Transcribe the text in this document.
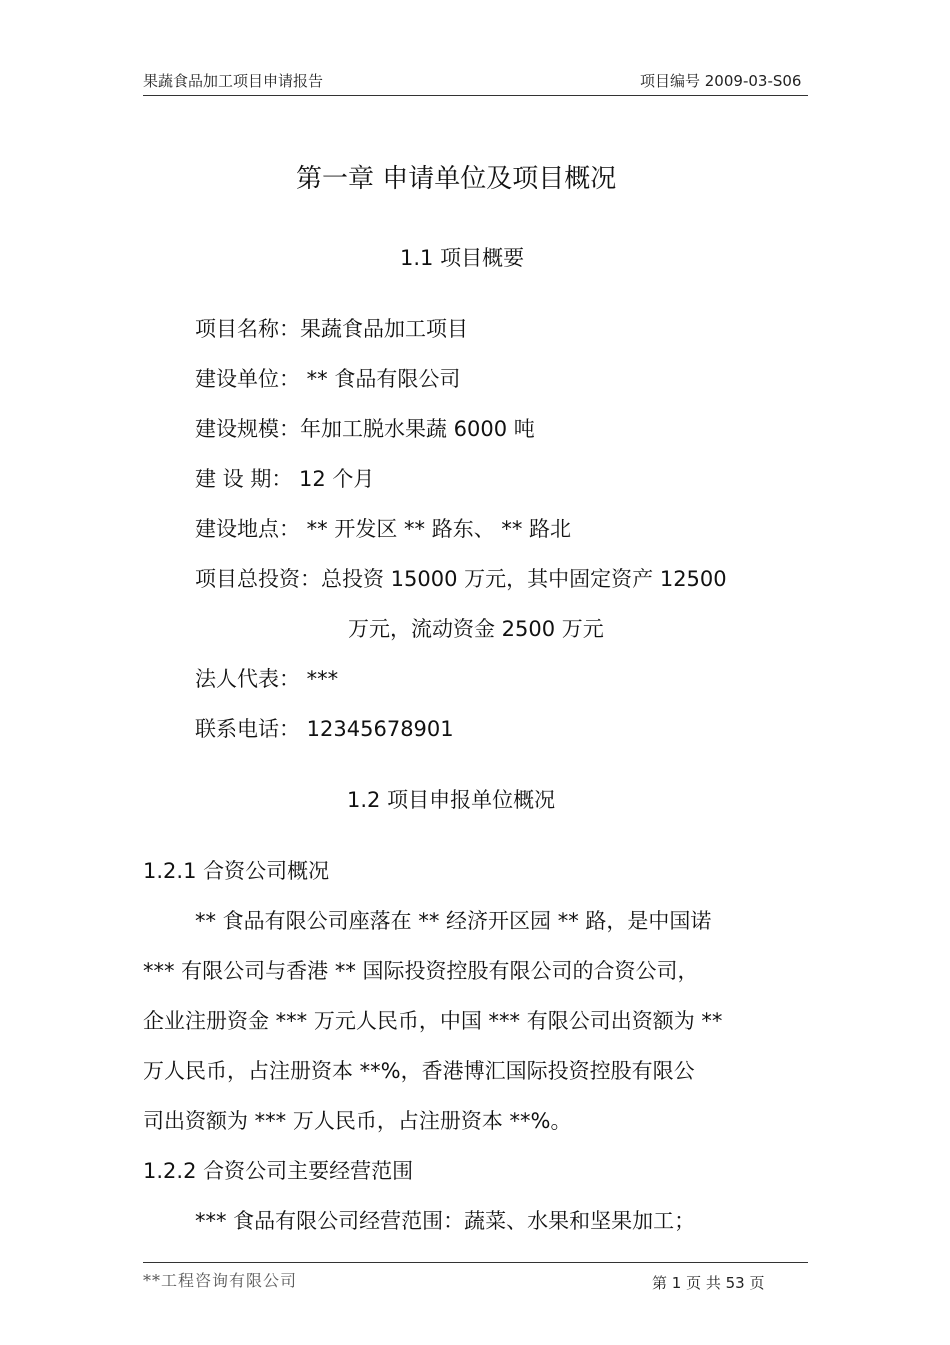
果蔬食品加工项目申请报告	项目编号 2009-03-S06
第一章 申请单位及项目概况
1.1 项目概要
项目名称：果蔬食品加工项目
建设单位： ** 食品有限公司
建设规模：年加工脱水果蔬 6000 吨
建 设 期： 12 个月
建设地点： ** 开发区 ** 路东、 ** 路北
项目总投资：总投资 15000 万元，其中固定资产 12500
万元，流动资金 2500 万元
法人代表： ***
联系电话： 12345678901
1.2 项目申报单位概况
1.2.1 合资公司概况
** 食品有限公司座落在 ** 经济开区园 ** 路，是中国诺
*** 有限公司与香港 ** 国际投资控股有限公司的合资公司，
企业注册资金 *** 万元人民币，中国 *** 有限公司出资额为 **
万人民币，占注册资本 **%，香港博汇国际投资控股有限公
司出资额为 *** 万人民币，占注册资本 **%。
1.2.2 合资公司主要经营范围
*** 食品有限公司经营范围：蔬菜、水果和坚果加工；
**工程咨询有限公司	第 1 页 共 53 页
